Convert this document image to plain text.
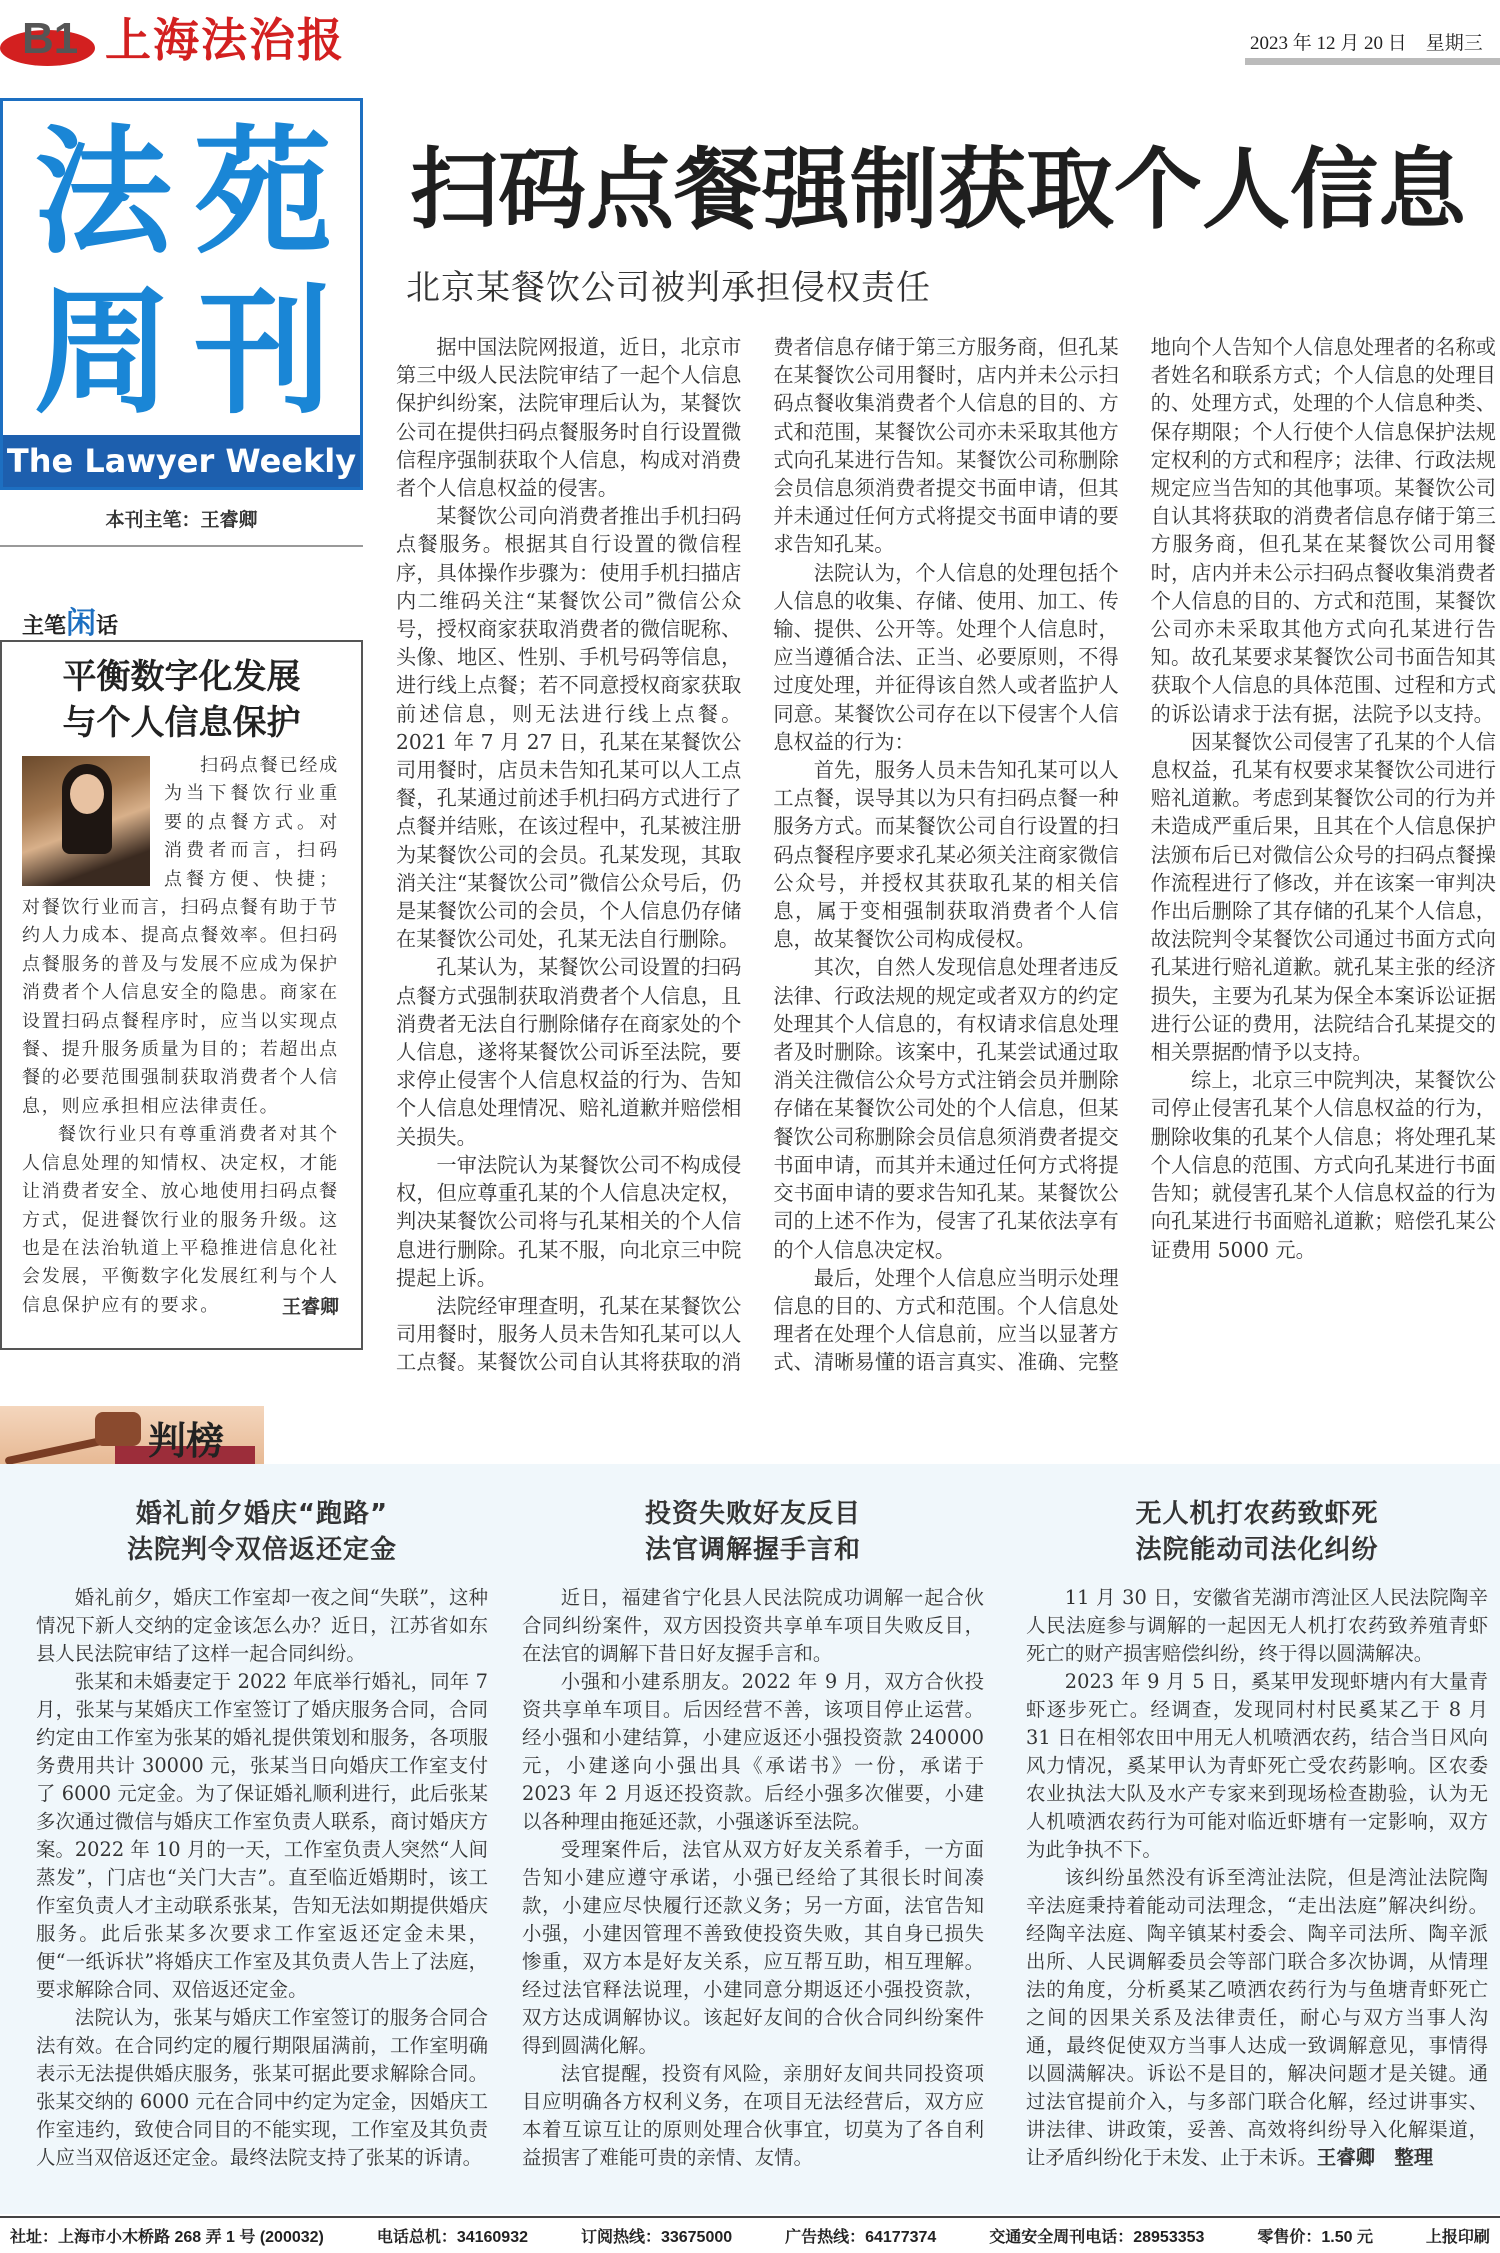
B1 上海法治报	2023 年 12 月 20 日　星期三
法 苑
周 刊
The Lawyer Weekly
本刊主笔：王睿卿
主笔闲话
平衡数字化发展
与个人信息保护

扫码点餐已经成为当下餐饮行业重要的点餐方式。对消费者而言，扫码点餐方便、快捷；对餐饮行业而言，扫码点餐有助于节约人力成本、提高点餐效率。但扫码点餐服务的普及与发展不应成为保护消费者个人信息安全的隐患。商家在设置扫码点餐程序时，应当以实现点餐、提升服务质量为目的；若超出点餐的必要范围强制获取消费者个人信息，则应承担相应法律责任。

餐饮行业只有尊重消费者对其个人信息处理的知情权、决定权，才能让消费者安全、放心地使用扫码点餐方式，促进餐饮行业的服务升级。这也是在法治轨道上平稳推进信息化社会发展，平衡数字化发展红利与个人信息保护应有的要求。	王睿卿

扫码点餐强制获取个人信息
北京某餐饮公司被判承担侵权责任

据中国法院网报道，近日，北京市第三中级人民法院审结了一起个人信息保护纠纷案，法院审理后认为，某餐饮公司在提供扫码点餐服务时自行设置微信程序强制获取个人信息，构成对消费者个人信息权益的侵害。

某餐饮公司向消费者推出手机扫码点餐服务。根据其自行设置的微信程序，具体操作步骤为：使用手机扫描店内二维码关注“某餐饮公司”微信公众号，授权商家获取消费者的微信昵称、头像、地区、性别、手机号码等信息，进行线上点餐；若不同意授权商家获取前述信息，则无法进行线上点餐。2021 年 7 月 27 日，孔某在某餐饮公司用餐时，店员未告知孔某可以人工点餐，孔某通过前述手机扫码方式进行了点餐并结账，在该过程中，孔某被注册为某餐饮公司的会员。孔某发现，其取消关注“某餐饮公司”微信公众号后，仍是某餐饮公司的会员，个人信息仍存储在某餐饮公司处，孔某无法自行删除。

孔某认为，某餐饮公司设置的扫码点餐方式强制获取消费者个人信息，且消费者无法自行删除储存在商家处的个人信息，遂将某餐饮公司诉至法院，要求停止侵害个人信息权益的行为、告知个人信息处理情况、赔礼道歉并赔偿相关损失。

一审法院认为某餐饮公司不构成侵权，但应尊重孔某的个人信息决定权，判决某餐饮公司将与孔某相关的个人信息进行删除。孔某不服，向北京三中院提起上诉。

法院经审理查明，孔某在某餐饮公司用餐时，服务人员未告知孔某可以人工点餐。某餐饮公司自认其将获取的消费者信息存储于第三方服务商，但孔某在某餐饮公司用餐时，店内并未公示扫码点餐收集消费者个人信息的目的、方式和范围，某餐饮公司亦未采取其他方式向孔某进行告知。某餐饮公司称删除会员信息须消费者提交书面申请，但其并未通过任何方式将提交书面申请的要求告知孔某。

法院认为，个人信息的处理包括个人信息的收集、存储、使用、加工、传输、提供、公开等。处理个人信息时，应当遵循合法、正当、必要原则，不得过度处理，并征得该自然人或者监护人同意。某餐饮公司存在以下侵害个人信息权益的行为：

首先，服务人员未告知孔某可以人工点餐，误导其以为只有扫码点餐一种服务方式。而某餐饮公司自行设置的扫码点餐程序要求孔某必须关注商家微信公众号，并授权其获取孔某的相关信息，属于变相强制获取消费者个人信息，故某餐饮公司构成侵权。

其次，自然人发现信息处理者违反法律、行政法规的规定或者双方的约定处理其个人信息的，有权请求信息处理者及时删除。该案中，孔某尝试通过取消关注微信公众号方式注销会员并删除存储在某餐饮公司处的个人信息，但某餐饮公司称删除会员信息须消费者提交书面申请，而其并未通过任何方式将提交书面申请的要求告知孔某。某餐饮公司的上述不作为，侵害了孔某依法享有的个人信息决定权。

最后，处理个人信息应当明示处理信息的目的、方式和范围。个人信息处理者在处理个人信息前，应当以显著方式、清晰易懂的语言真实、准确、完整地向个人告知个人信息处理者的名称或者姓名和联系方式；个人信息的处理目的、处理方式，处理的个人信息种类、保存期限；个人行使个人信息保护法规定权利的方式和程序；法律、行政法规规定应当告知的其他事项。某餐饮公司自认其将获取的消费者信息存储于第三方服务商，但孔某在某餐饮公司用餐时，店内并未公示扫码点餐收集消费者个人信息的目的、方式和范围，某餐饮公司亦未采取其他方式向孔某进行告知。故孔某要求某餐饮公司书面告知其获取个人信息的具体范围、过程和方式的诉讼请求于法有据，法院予以支持。

因某餐饮公司侵害了孔某的个人信息权益，孔某有权要求某餐饮公司进行赔礼道歉。考虑到某餐饮公司的行为并未造成严重后果，且其在个人信息保护法颁布后已对微信公众号的扫码点餐操作流程进行了修改，并在该案一审判决作出后删除了其存储的孔某个人信息，故法院判令某餐饮公司通过书面方式向孔某进行赔礼道歉。就孔某主张的经济损失，主要为孔某为保全本案诉讼证据进行公证的费用，法院结合孔某提交的相关票据酌情予以支持。

综上，北京三中院判决，某餐饮公司停止侵害孔某个人信息权益的行为，删除收集的孔某个人信息；将处理孔某个人信息的范围、方式向孔某进行书面告知；就侵害孔某个人信息权益的行为向孔某进行书面赔礼道歉；赔偿孔某公证费用 5000 元。

判榜
婚礼前夕婚庆“跑路”
法院判令双倍返还定金

婚礼前夕，婚庆工作室却一夜之间“失联”，这种情况下新人交纳的定金该怎么办？近日，江苏省如东县人民法院审结了这样一起合同纠纷。

张某和未婚妻定于 2022 年底举行婚礼，同年 7 月，张某与某婚庆工作室签订了婚庆服务合同，合同约定由工作室为张某的婚礼提供策划和服务，各项服务费用共计 30000 元，张某当日向婚庆工作室支付了 6000 元定金。为了保证婚礼顺利进行，此后张某多次通过微信与婚庆工作室负责人联系，商讨婚庆方案。2022 年 10 月的一天，工作室负责人突然“人间蒸发”，门店也“关门大吉”。直至临近婚期时，该工作室负责人才主动联系张某，告知无法如期提供婚庆服务。此后张某多次要求工作室返还定金未果，便“一纸诉状”将婚庆工作室及其负责人告上了法庭，要求解除合同、双倍返还定金。

法院认为，张某与婚庆工作室签订的服务合同合法有效。在合同约定的履行期限届满前，工作室明确表示无法提供婚庆服务，张某可据此要求解除合同。张某交纳的 6000 元在合同中约定为定金，因婚庆工作室违约，致使合同目的不能实现，工作室及其负责人应当双倍返还定金。最终法院支持了张某的诉请。

投资失败好友反目
法官调解握手言和

近日，福建省宁化县人民法院成功调解一起合伙合同纠纷案件，双方因投资共享单车项目失败反目，在法官的调解下昔日好友握手言和。

小强和小建系朋友。2022 年 9 月，双方合伙投资共享单车项目。后因经营不善，该项目停止运营。经小强和小建结算，小建应返还小强投资款 240000 元，小建遂向小强出具《承诺书》一份，承诺于 2023 年 2 月返还投资款。后经小强多次催要，小建以各种理由拖延还款，小强遂诉至法院。

受理案件后，法官从双方好友关系着手，一方面告知小建应遵守承诺，小强已经给了其很长时间凑款，小建应尽快履行还款义务；另一方面，法官告知小强，小建因管理不善致使投资失败，其自身已损失惨重，双方本是好友关系，应互帮互助，相互理解。经过法官释法说理，小建同意分期返还小强投资款，双方达成调解协议。该起好友间的合伙合同纠纷案件得到圆满化解。

法官提醒，投资有风险，亲朋好友间共同投资项目应明确各方权利义务，在项目无法经营后，双方应本着互谅互让的原则处理合伙事宜，切莫为了各自利益损害了难能可贵的亲情、友情。

无人机打农药致虾死
法院能动司法化纠纷

11 月 30 日，安徽省芜湖市湾沚区人民法院陶辛人民法庭参与调解的一起因无人机打农药致养殖青虾死亡的财产损害赔偿纠纷，终于得以圆满解决。

2023 年 9 月 5 日，奚某甲发现虾塘内有大量青虾逐步死亡。经调查，发现同村村民奚某乙于 8 月 31 日在相邻农田中用无人机喷洒农药，结合当日风向风力情况，奚某甲认为青虾死亡受农药影响。区农委农业执法大队及水产专家来到现场检查勘验，认为无人机喷洒农药行为可能对临近虾塘有一定影响，双方为此争执不下。

该纠纷虽然没有诉至湾沚法院，但是湾沚法院陶辛法庭秉持着能动司法理念，“走出法庭”解决纠纷。经陶辛法庭、陶辛镇某村委会、陶辛司法所、陶辛派出所、人民调解委员会等部门联合多次协调，从情理法的角度，分析奚某乙喷洒农药行为与鱼塘青虾死亡之间的因果关系及法律责任，耐心与双方当事人沟通，最终促使双方当事人达成一致调解意见，事情得以圆满解决。诉讼不是目的，解决问题才是关键。通过法官提前介入，与多部门联合化解，经过讲事实、讲法律、讲政策，妥善、高效将纠纷导入化解渠道，让矛盾纠纷化于未发、止于未诉。王睿卿　整理

社址：上海市小木桥路 268 弄 1 号 (200032)	电话总机：34160932	订阅热线：33675000	广告热线：64177374	交通安全周刊电话：28953353	零售价：1.50 元	上报印刷
